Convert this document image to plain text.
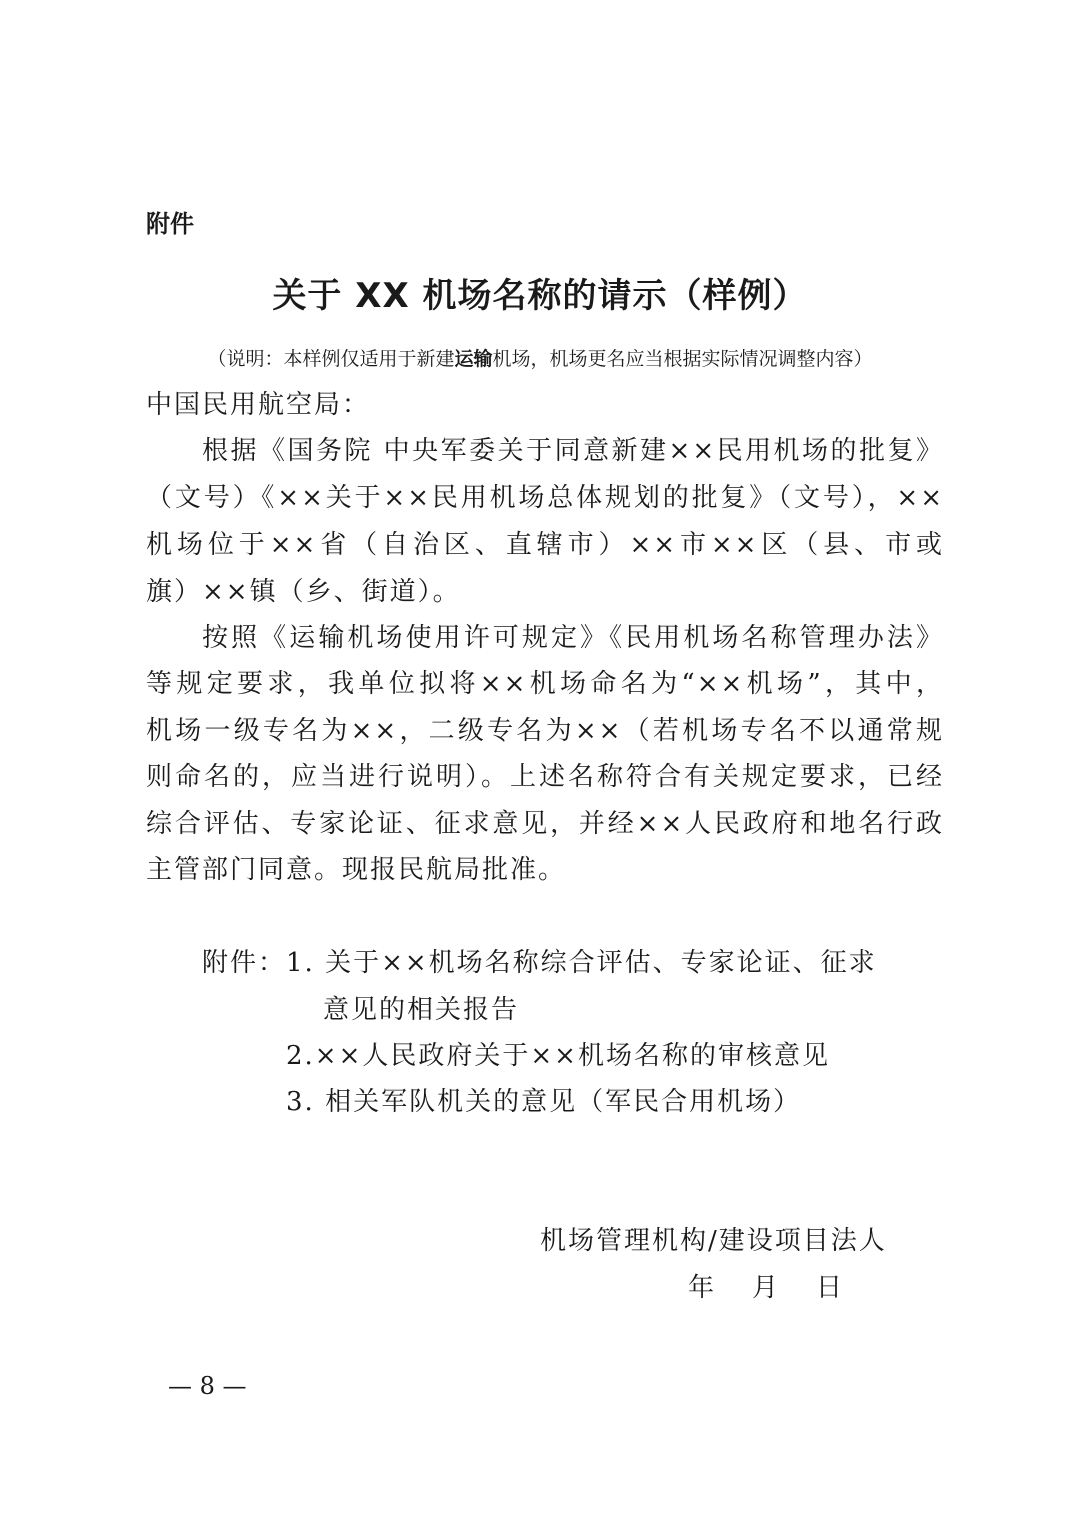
附件
关于 XX 机场名称的请示（样例）
（说明：本样例仅适用于新建运输机场，机场更名应当根据实际情况调整内容）
中国民用航空局：
根据《国务院 中央军委关于同意新建××民用机场的批复》
（文号）《××关于××民用机场总体规划的批复》（文号），××
机场位于××省（自治区、直辖市）××市××区（县、市或
旗）××镇（乡、街道）。
按照《运输机场使用许可规定》《民用机场名称管理办法》
等规定要求，我单位拟将××机场命名为“××机场”，其中，
机场一级专名为××，二级专名为××（若机场专名不以通常规
则命名的，应当进行说明）。上述名称符合有关规定要求，已经
综合评估、专家论证、征求意见，并经××人民政府和地名行政
主管部门同意。现报民航局批准。
附件： 1. 关于××机场名称综合评估、专家论证、征求
意见的相关报告
2.××人民政府关于××机场名称的审核意见
3. 相关军队机关的意见（军民合用机场）
机场管理机构/建设项目法人
年　月　日
— 8 —
